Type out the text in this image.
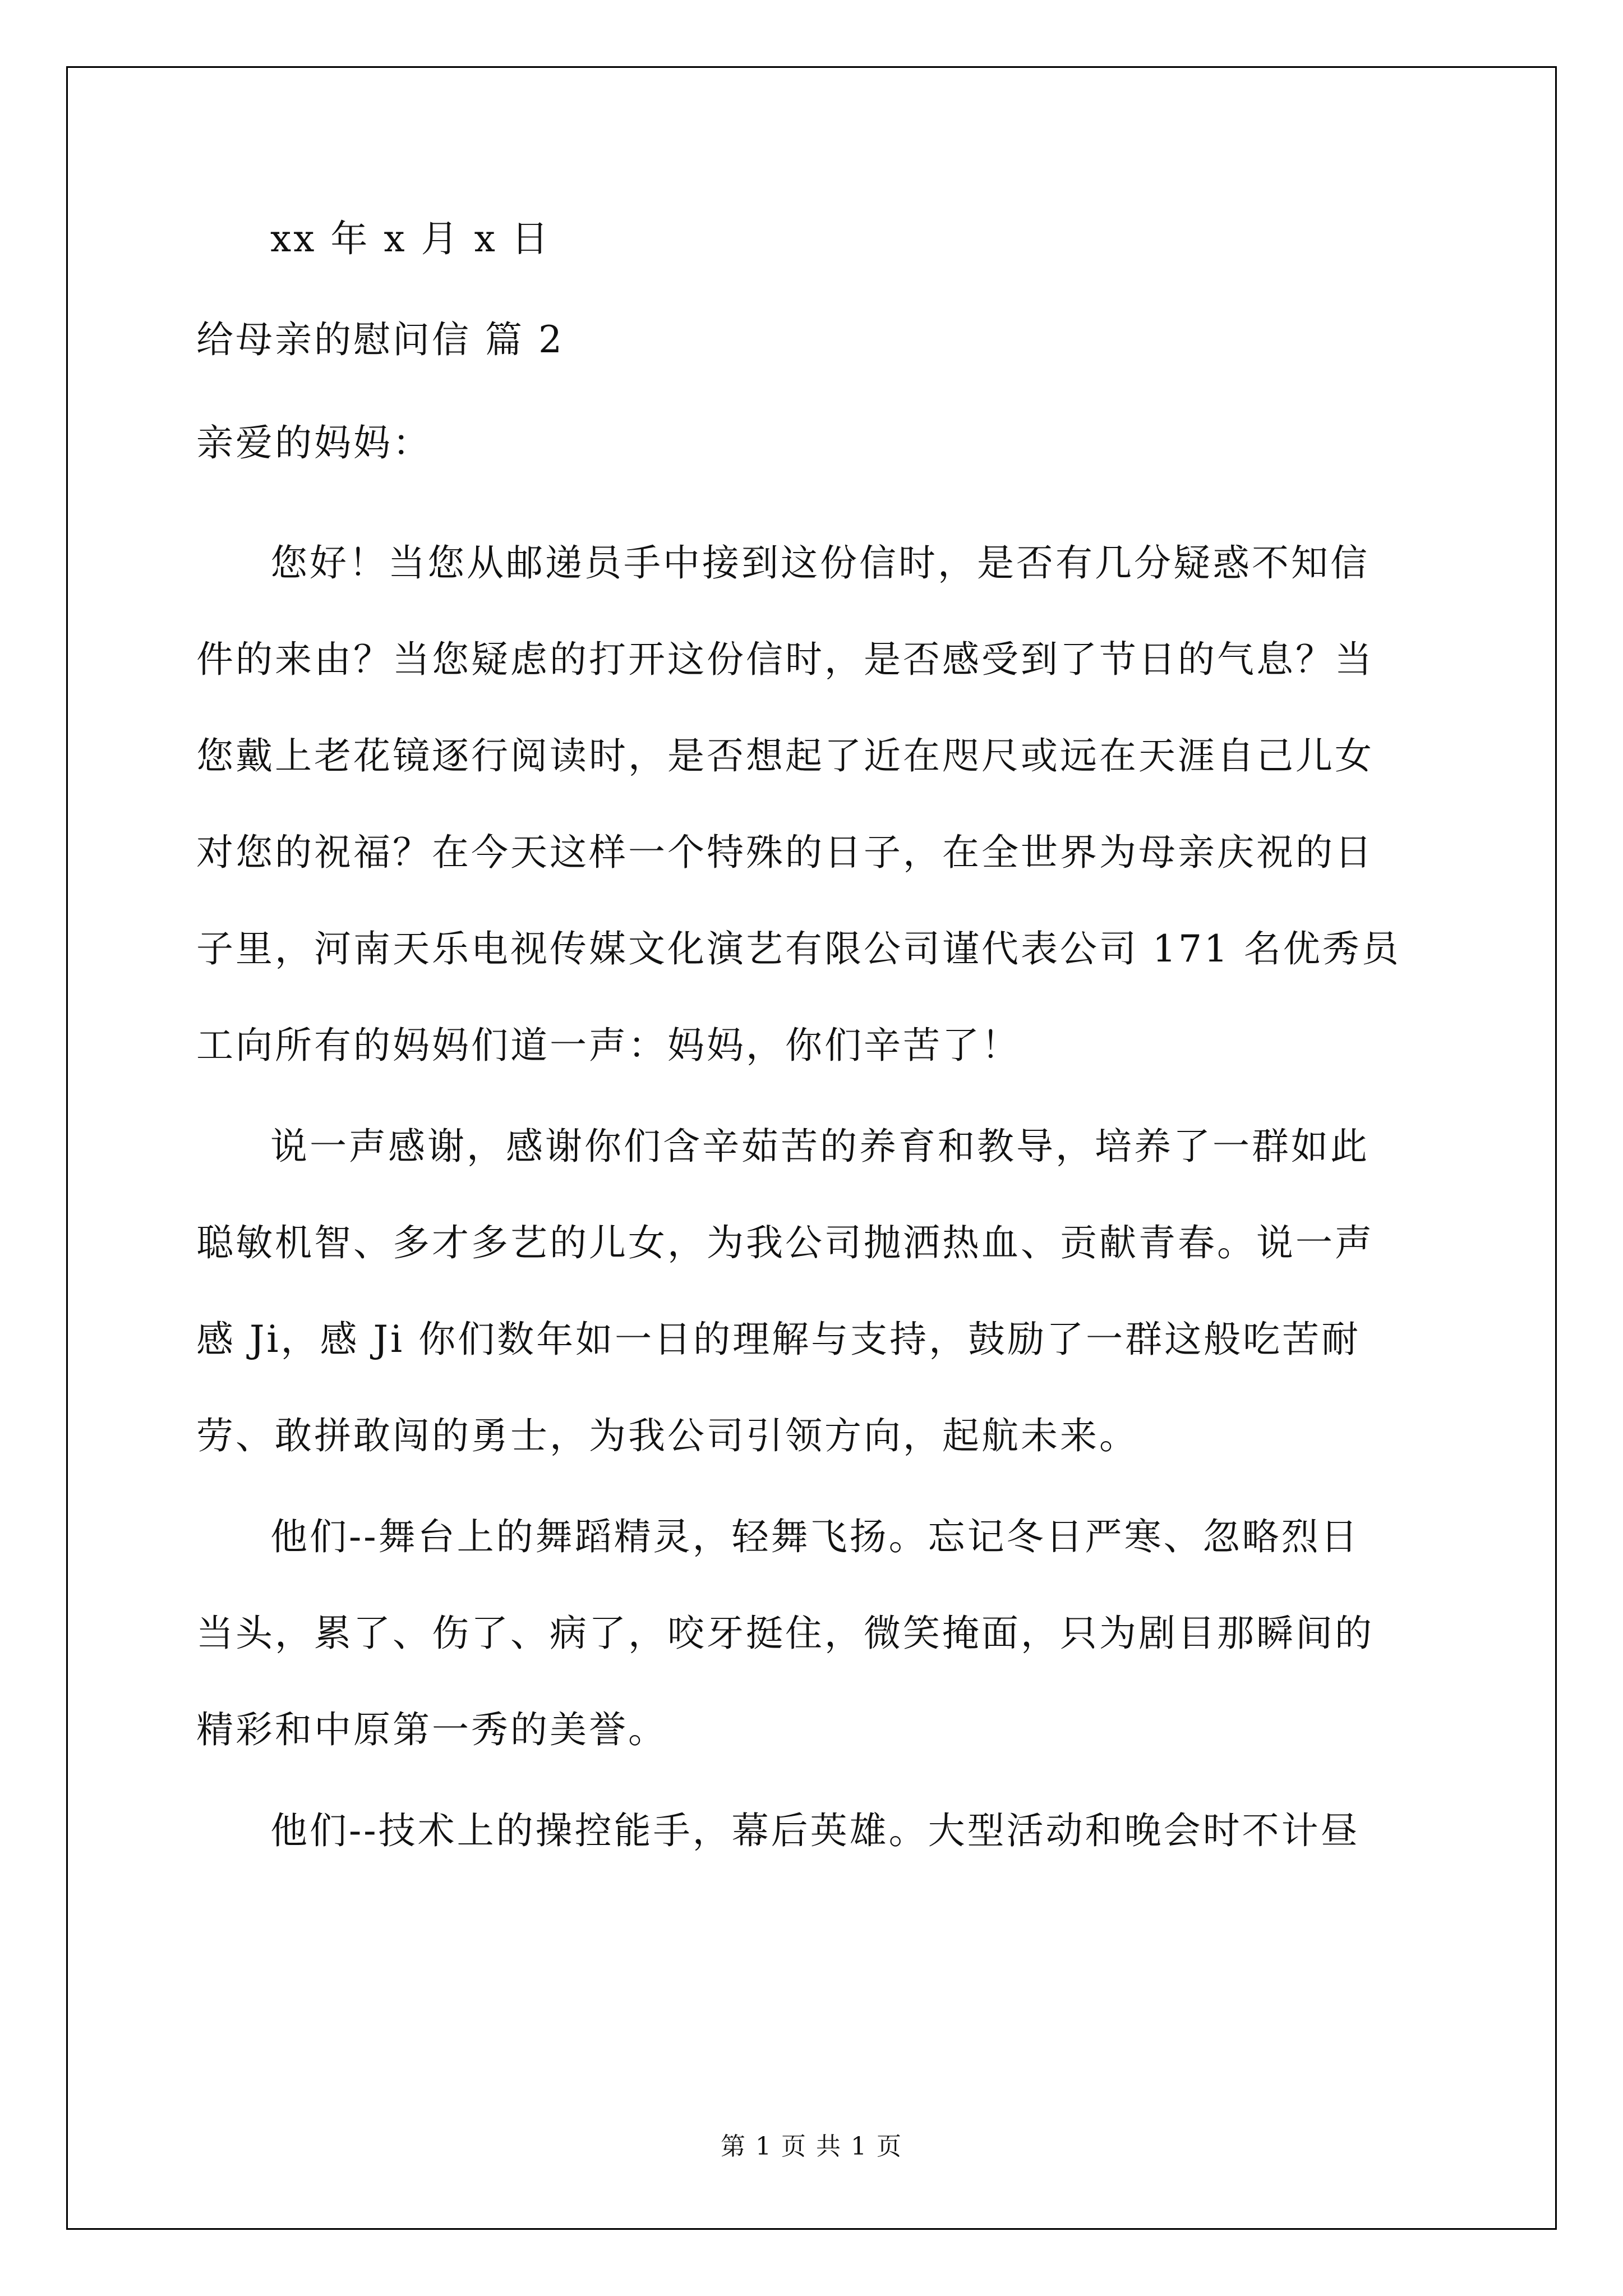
xx 年 x 月 x 日
给母亲的慰问信 篇 2
亲爱的妈妈：
您好！当您从邮递员手中接到这份信时，是否有几分疑惑不知信
件的来由？当您疑虑的打开这份信时，是否感受到了节日的气息？当
您戴上老花镜逐行阅读时，是否想起了近在咫尺或远在天涯自己儿女
对您的祝福？在今天这样一个特殊的日子，在全世界为母亲庆祝的日
子里，河南天乐电视传媒文化演艺有限公司谨代表公司 171 名优秀员
工向所有的妈妈们道一声：妈妈，你们辛苦了！
说一声感谢，感谢你们含辛茹苦的养育和教导，培养了一群如此
聪敏机智、多才多艺的儿女，为我公司抛洒热血、贡献青春。说一声
感 Ji，感 Ji 你们数年如一日的理解与支持，鼓励了一群这般吃苦耐
劳、敢拼敢闯的勇士，为我公司引领方向，起航未来。
他们--舞台上的舞蹈精灵，轻舞飞扬。忘记冬日严寒、忽略烈日
当头，累了、伤了、病了，咬牙挺住，微笑掩面，只为剧目那瞬间的
精彩和中原第一秀的美誉。
他们--技术上的操控能手，幕后英雄。大型活动和晚会时不计昼
第 1 页 共 1 页
